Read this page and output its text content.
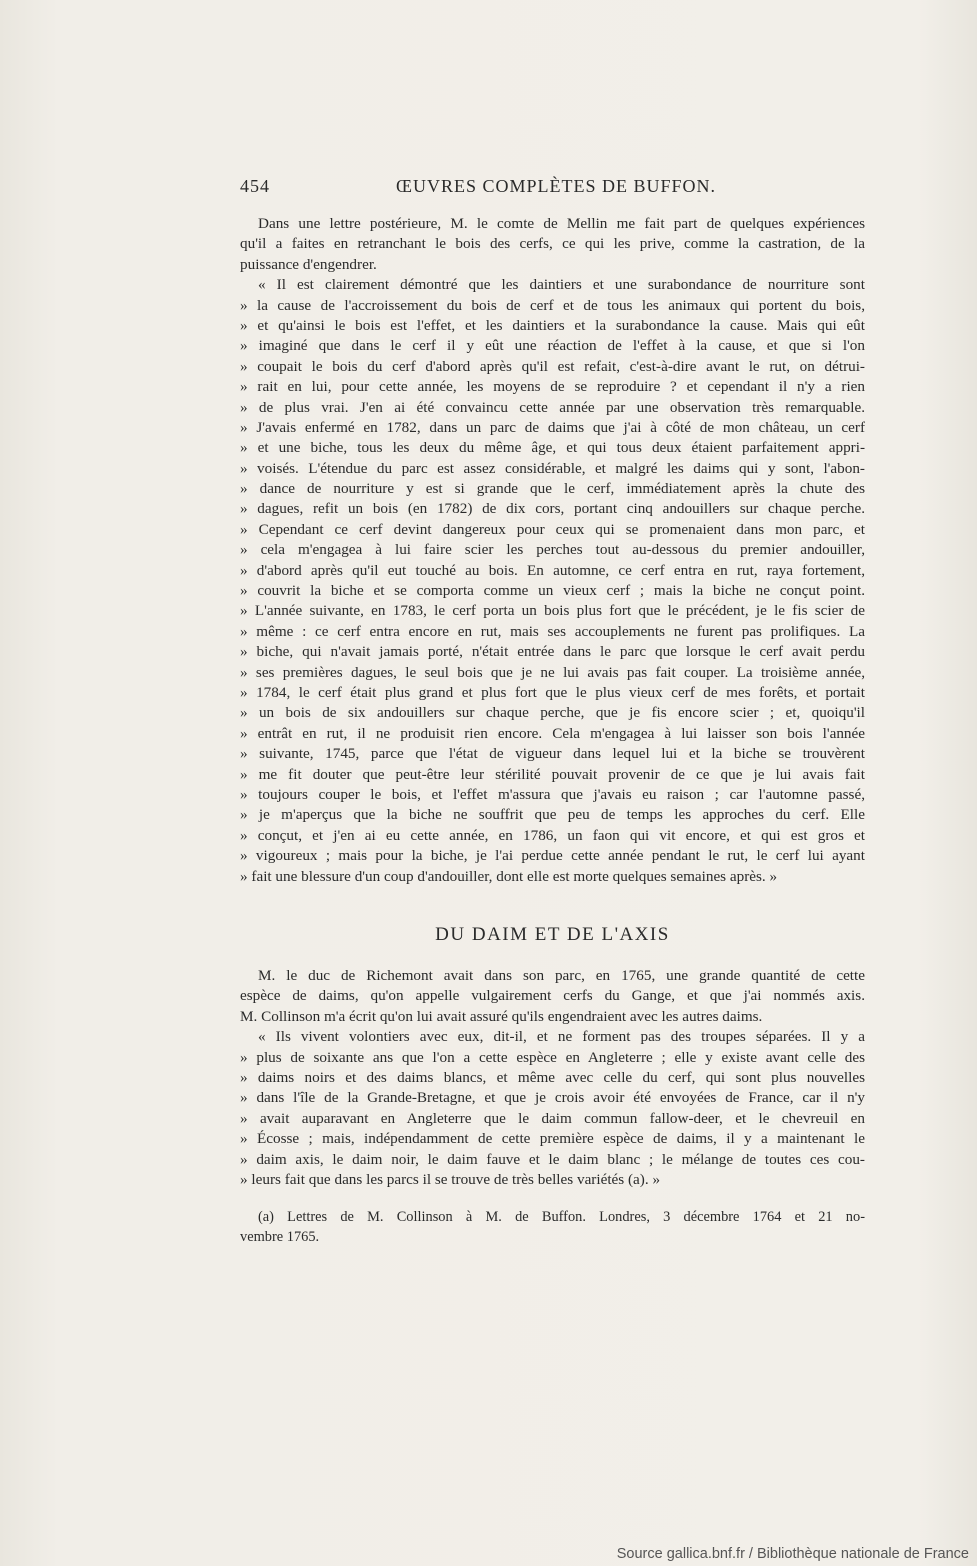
454	ŒUVRES COMPLÈTES DE BUFFON.
Dans une lettre postérieure, M. le comte de Mellin me fait part de quelques expériences
qu'il a faites en retranchant le bois des cerfs, ce qui les prive, comme la castration, de la
puissance d'engendrer.
« Il est clairement démontré que les daintiers et une surabondance de nourriture sont
» la cause de l'accroissement du bois de cerf et de tous les animaux qui portent du bois,
» et qu'ainsi le bois est l'effet, et les daintiers et la surabondance la cause. Mais qui eût
» imaginé que dans le cerf il y eût une réaction de l'effet à la cause, et que si l'on
» coupait le bois du cerf d'abord après qu'il est refait, c'est-à-dire avant le rut, on détrui-
» rait en lui, pour cette année, les moyens de se reproduire ? et cependant il n'y a rien
» de plus vrai. J'en ai été convaincu cette année par une observation très remarquable.
» J'avais enfermé en 1782, dans un parc de daims que j'ai à côté de mon château, un cerf
» et une biche, tous les deux du même âge, et qui tous deux étaient parfaitement appri-
» voisés. L'étendue du parc est assez considérable, et malgré les daims qui y sont, l'abon-
» dance de nourriture y est si grande que le cerf, immédiatement après la chute des
» dagues, refit un bois (en 1782) de dix cors, portant cinq andouillers sur chaque perche.
» Cependant ce cerf devint dangereux pour ceux qui se promenaient dans mon parc, et
» cela m'engagea à lui faire scier les perches tout au-dessous du premier andouiller,
» d'abord après qu'il eut touché au bois. En automne, ce cerf entra en rut, raya fortement,
» couvrit la biche et se comporta comme un vieux cerf ; mais la biche ne conçut point.
» L'année suivante, en 1783, le cerf porta un bois plus fort que le précédent, je le fis scier de
» même : ce cerf entra encore en rut, mais ses accouplements ne furent pas prolifiques. La
» biche, qui n'avait jamais porté, n'était entrée dans le parc que lorsque le cerf avait perdu
» ses premières dagues, le seul bois que je ne lui avais pas fait couper. La troisième année,
» 1784, le cerf était plus grand et plus fort que le plus vieux cerf de mes forêts, et portait
» un bois de six andouillers sur chaque perche, que je fis encore scier ; et, quoiqu'il
» entrât en rut, il ne produisit rien encore. Cela m'engagea à lui laisser son bois l'année
» suivante, 1745, parce que l'état de vigueur dans lequel lui et la biche se trouvèrent
» me fit douter que peut-être leur stérilité pouvait provenir de ce que je lui avais fait
» toujours couper le bois, et l'effet m'assura que j'avais eu raison ; car l'automne passé,
» je m'aperçus que la biche ne souffrit que peu de temps les approches du cerf. Elle
» conçut, et j'en ai eu cette année, en 1786, un faon qui vit encore, et qui est gros et
» vigoureux ; mais pour la biche, je l'ai perdue cette année pendant le rut, le cerf lui ayant
» fait une blessure d'un coup d'andouiller, dont elle est morte quelques semaines après. »
DU DAIM ET DE L'AXIS
M. le duc de Richemont avait dans son parc, en 1765, une grande quantité de cette
espèce de daims, qu'on appelle vulgairement cerfs du Gange, et que j'ai nommés axis.
M. Collinson m'a écrit qu'on lui avait assuré qu'ils engendraient avec les autres daims.
« Ils vivent volontiers avec eux, dit-il, et ne forment pas des troupes séparées. Il y a
» plus de soixante ans que l'on a cette espèce en Angleterre ; elle y existe avant celle des
» daims noirs et des daims blancs, et même avec celle du cerf, qui sont plus nouvelles
» dans l'île de la Grande-Bretagne, et que je crois avoir été envoyées de France, car il n'y
» avait auparavant en Angleterre que le daim commun fallow-deer, et le chevreuil en
» Écosse ; mais, indépendamment de cette première espèce de daims, il y a maintenant le
» daim axis, le daim noir, le daim fauve et le daim blanc ; le mélange de toutes ces cou-
» leurs fait que dans les parcs il se trouve de très belles variétés (a). »
(a) Lettres de M. Collinson à M. de Buffon. Londres, 3 décembre 1764 et 21 no-
vembre 1765.
Source gallica.bnf.fr / Bibliothèque nationale de France
